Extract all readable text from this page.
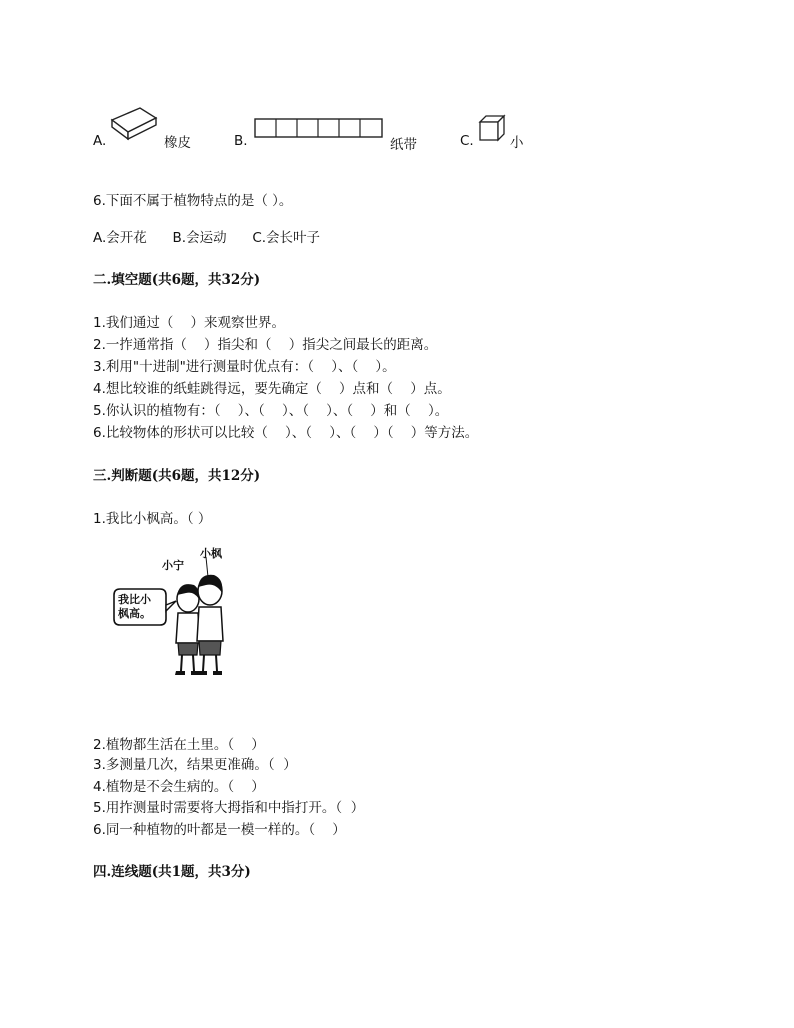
A.	橡皮	B.	纸带	C.	小
6.下面不属于植物特点的是（ ）。
A.会开花      B.会运动      C.会长叶子
二.填空题(共6题，共32分)
1.我们通过（    ）来观察世界。
2.一拃通常指（    ）指尖和（    ）指尖之间最长的距离。
3.利用"十进制"进行测量时优点有：（    ）、（    ）。
4.想比较谁的纸蛙跳得远，要先确定（    ）点和（    ）点。
5.你认识的植物有：（    ）、（    ）、（    ）、（    ）和（    ）。
6.比较物体的形状可以比较（    ）、（    ）、（    ）（    ）等方法。
三.判断题(共6题，共12分)
1.我比小枫高。（ ）
小宁
小枫
我比小
枫高。
2.植物都生活在土里。（    ）
3.多测量几次，结果更准确。（  ）
4.植物是不会生病的。（    ）
5.用拃测量时需要将大拇指和中指打开。（  ）
6.同一种植物的叶都是一模一样的。（    ）
四.连线题(共1题，共3分)
